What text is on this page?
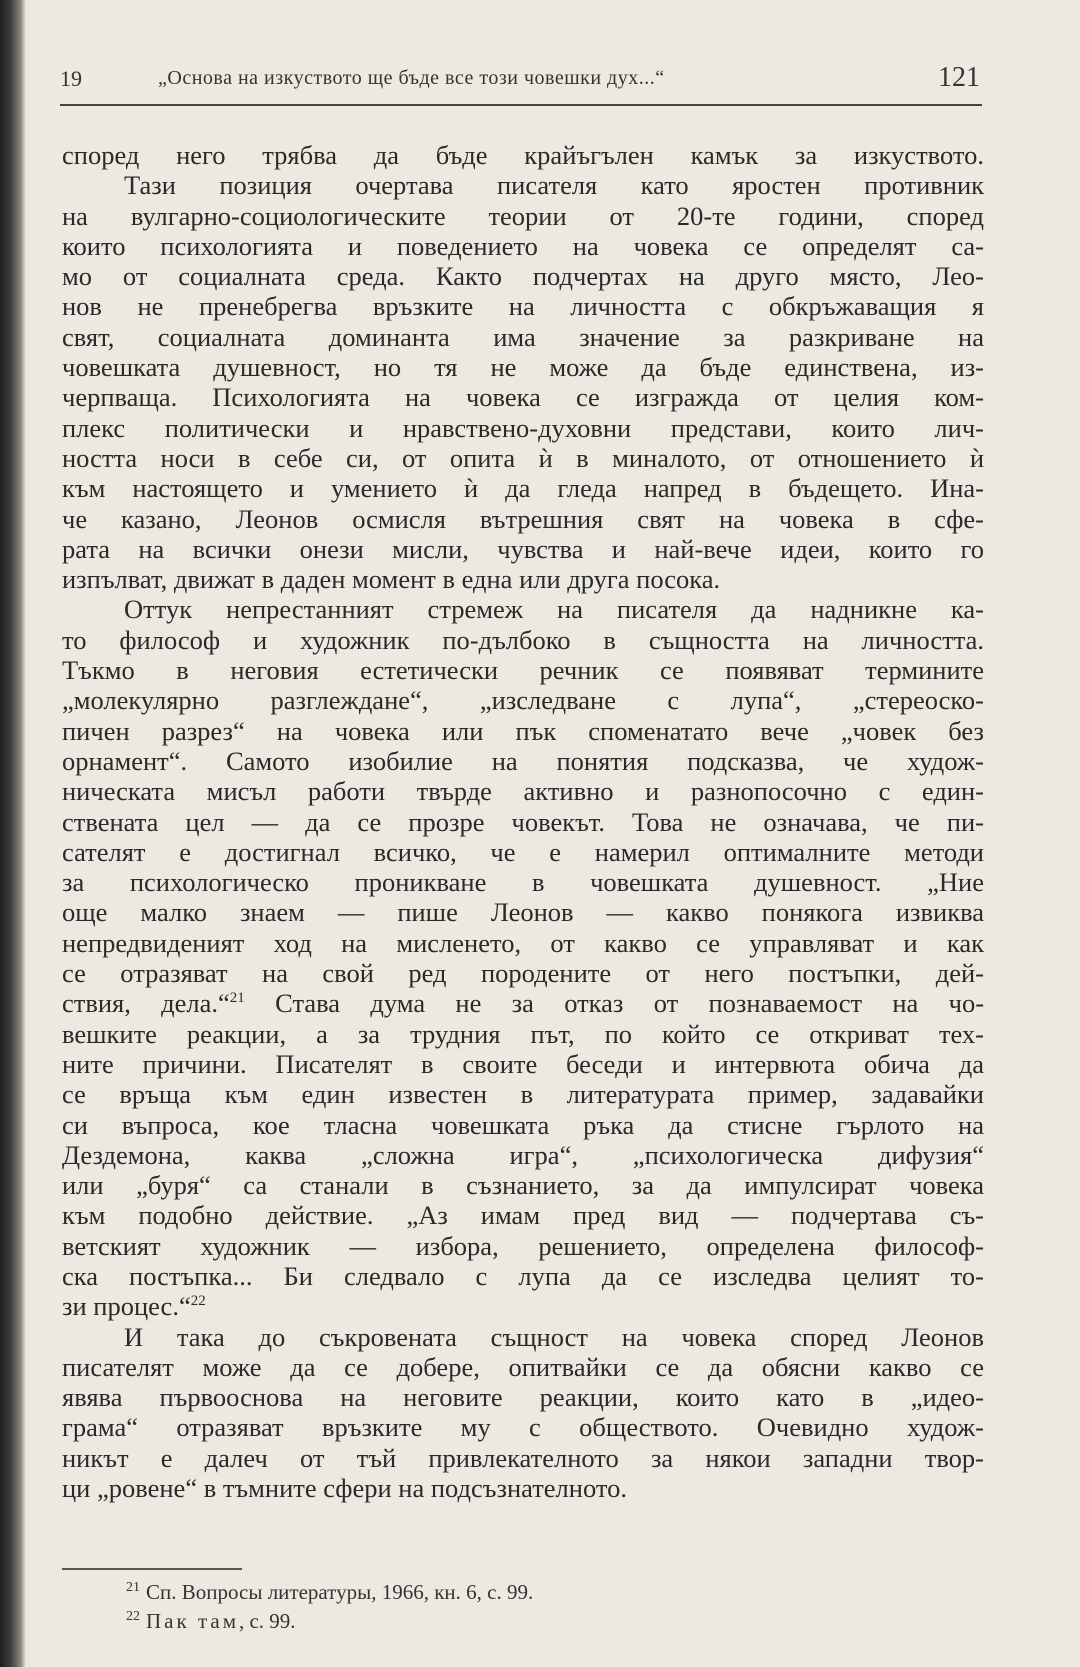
19	„Основа на изкуството ще бъде все този човешки дух...“	121
според него трябва да бъде крайъгълен камък за изкуството.
Тази позиция очертава писателя като яростен противник
на вулгарно-социологическите теории от 20-те години, според
които психологията и поведението на човека се определят са-
мо от социалната среда. Както подчертах на друго място, Лео-
нов не пренебрегва връзките на личността с обкръжаващия я
свят, социалната доминанта има значение за разкриване на
човешката душевност, но тя не може да бъде единствена, из-
черпваща. Психологията на човека се изгражда от целия ком-
плекс политически и нравствено-духовни представи, които лич-
ността носи в себе си, от опита ѝ в миналото, от отношението ѝ
към настоящето и умението ѝ да гледа напред в бъдещето. Ина-
че казано, Леонов осмисля вътрешния свят на човека в сфе-
рата на всички онези мисли, чувства и най-вече идеи, които го
изпълват, движат в даден момент в една или друга посока.
Оттук непрестанният стремеж на писателя да надникне ка-
то философ и художник по-дълбоко в същността на личността.
Тъкмо в неговия естетически речник се появяват термините
„молекулярно разглеждане“, „изследване с лупа“, „стереоско-
пичен разрез“ на човека или пък споменатато вече „човек без
орнамент“. Самото изобилие на понятия подсказва, че худож-
ническата мисъл работи твърде активно и разнопосочно с един-
ствената цел — да се прозре човекът. Това не означава, че пи-
сателят е достигнал всичко, че е намерил оптималните методи
за психологическо проникване в човешката душевност. „Ние
още малко знаем — пише Леонов — какво понякога извиква
непредвиденият ход на мисленето, от какво се управляват и как
се отразяват на свой ред породените от него постъпки, дей-
ствия, дела.“$^{21}$ Става дума не за отказ от познаваемост на чо-
вешките реакции, а за трудния път, по който се откриват тех-
ните причини. Писателят в своите беседи и интервюта обича да
се връща към един известен в литературата пример, задавайки
си въпроса, кое тласна човешката ръка да стисне гърлото на
Дездемона, каква „сложна игра“, „психологическа дифузия“
или „буря“ са станали в съзнанието, за да импулсират човека
към подобно действие. „Аз имам пред вид — подчертава съ-
ветският художник — избора, решението, определена философ-
ска постъпка... Би следвало с лупа да се изследва целият то-
зи процес.“$^{22}$
И така до съкровената същност на човека според Леонов
писателят може да се добере, опитвайки се да обясни какво се
явява първооснова на неговите реакции, които като в „идео-
грама“ отразяват връзките му с обществото. Очевидно худож-
никът е далеч от тъй привлекателното за някои западни твор-
ци „ровене“ в тъмните сфери на подсъзнателното.
$^{21}$ Сп. Вопросы литературы, 1966, кн. 6, с. 99.
$^{22}$ Пак там, с. 99.
